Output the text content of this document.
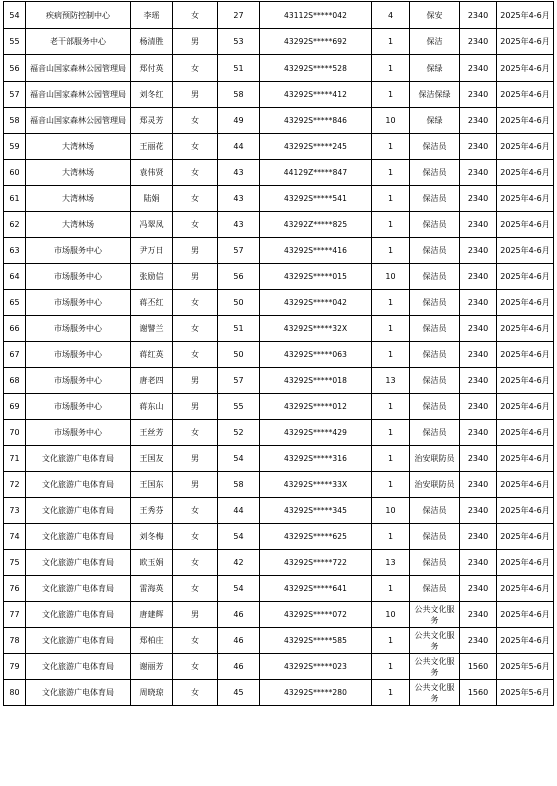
54	疾病预防控制中心	李瑶	女	27	43112S*****042	4	保安	2340	2025年4-6月
55	老干部服务中心	杨清胜	男	53	43292S*****692	1	保洁	2340	2025年4-6月
56	福音山国家森林公园管理局	郑付英	女	51	43292S*****528	1	保绿	2340	2025年4-6月
57	福音山国家森林公园管理局	刘冬红	男	58	43292S*****412	1	保洁保绿	2340	2025年4-6月
58	福音山国家森林公园管理局	郑灵芳	女	49	43292S*****846	10	保绿	2340	2025年4-6月
59	大湾林场	王丽花	女	44	43292S*****245	1	保洁员	2340	2025年4-6月
60	大湾林场	袁伟贤	女	43	44129Z*****847	1	保洁员	2340	2025年4-6月
61	大湾林场	陆娟	女	43	43292S*****541	1	保洁员	2340	2025年4-6月
62	大湾林场	冯翠凤	女	43	43292Z*****825	1	保洁员	2340	2025年4-6月
63	市场服务中心	尹万日	男	57	43292S*****416	1	保洁员	2340	2025年4-6月
64	市场服务中心	张励信	男	56	43292S*****015	10	保洁员	2340	2025年4-6月
65	市场服务中心	蒋丕红	女	50	43292S*****042	1	保洁员	2340	2025年4-6月
66	市场服务中心	谢譬兰	女	51	43292S*****32X	1	保洁员	2340	2025年4-6月
67	市场服务中心	蒋红英	女	50	43292S*****063	1	保洁员	2340	2025年4-6月
68	市场服务中心	唐老四	男	57	43292S*****018	13	保洁员	2340	2025年4-6月
69	市场服务中心	蒋东山	男	55	43292S*****012	1	保洁员	2340	2025年4-6月
70	市场服务中心	王丝芳	女	52	43292S*****429	1	保洁员	2340	2025年4-6月
71	文化旅游广电体育局	王国友	男	54	43292S*****316	1	治安联防员	2340	2025年4-6月
72	文化旅游广电体育局	王国东	男	58	43292S*****33X	1	治安联防员	2340	2025年4-6月
73	文化旅游广电体育局	王秀芬	女	44	43292S*****345	10	保洁员	2340	2025年4-6月
74	文化旅游广电体育局	刘冬梅	女	54	43292S*****625	1	保洁员	2340	2025年4-6月
75	文化旅游广电体育局	欧玉娟	女	42	43292S*****722	13	保洁员	2340	2025年4-6月
76	文化旅游广电体育局	雷海英	女	54	43292S*****641	1	保洁员	2340	2025年4-6月
77	文化旅游广电体育局	唐建辉	男	46	43292S*****072	10	公共文化服务	2340	2025年4-6月
78	文化旅游广电体育局	郑柏庄	女	46	43292S*****585	1	公共文化服务	2340	2025年4-6月
79	文化旅游广电体育局	谢丽芳	女	46	43292S*****023	1	公共文化服务	1560	2025年5-6月
80	文化旅游广电体育局	周晓琼	女	45	43292S*****280	1	公共文化服务	1560	2025年5-6月
